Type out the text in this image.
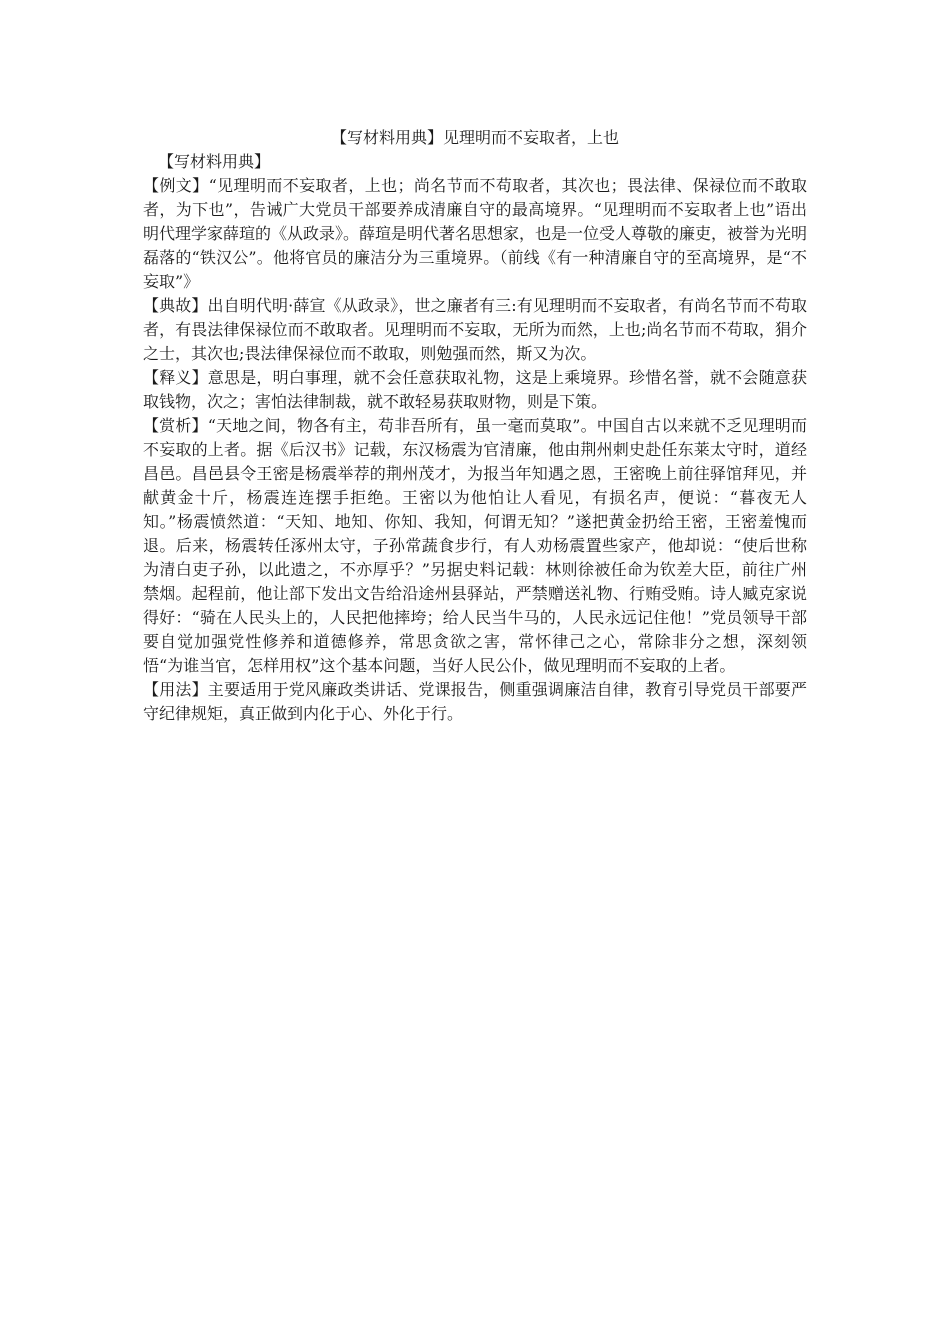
【写材料用典】见理明而不妄取者，上也

【写材料用典】

【例文】“见理明而不妄取者，上也；尚名节而不苟取者，其次也；畏法律、保禄位而不敢取者，为下也”，告诫广大党员干部要养成清廉自守的最高境界。“见理明而不妄取者上也”语出明代理学家薛瑄的《从政录》。薛瑄是明代著名思想家，也是一位受人尊敬的廉吏，被誉为光明磊落的“铁汉公”。他将官员的廉洁分为三重境界。（前线《有一种清廉自守的至高境界，是“不妄取”》

【典故】出自明代明·薛宣《从政录》，世之廉者有三:有见理明而不妄取者，有尚名节而不苟取者，有畏法律保禄位而不敢取者。见理明而不妄取，无所为而然，上也;尚名节而不苟取，狷介之士，其次也;畏法律保禄位而不敢取，则勉强而然，斯又为次。

【释义】意思是，明白事理，就不会任意获取礼物，这是上乘境界。珍惜名誉，就不会随意获取钱物，次之；害怕法律制裁，就不敢轻易获取财物，则是下策。

【赏析】“天地之间，物各有主，苟非吾所有，虽一毫而莫取”。中国自古以来就不乏见理明而不妄取的上者。据《后汉书》记载，东汉杨震为官清廉，他由荆州刺史赴任东莱太守时，道经昌邑。昌邑县令王密是杨震举荐的荆州茂才，为报当年知遇之恩，王密晚上前往驿馆拜见，并献黄金十斤，杨震连连摆手拒绝。王密以为他怕让人看见，有损名声，便说：“暮夜无人知。”杨震愤然道：“天知、地知、你知、我知，何谓无知？”遂把黄金扔给王密，王密羞愧而退。后来，杨震转任涿州太守，子孙常蔬食步行，有人劝杨震置些家产，他却说：“使后世称为清白吏子孙，以此遗之，不亦厚乎？”另据史料记载：林则徐被任命为钦差大臣，前往广州禁烟。起程前，他让部下发出文告给沿途州县驿站，严禁赠送礼物、行贿受贿。诗人臧克家说得好：“骑在人民头上的，人民把他摔垮；给人民当牛马的，人民永远记住他！”党员领导干部要自觉加强党性修养和道德修养，常思贪欲之害，常怀律己之心，常除非分之想，深刻领悟“为谁当官，怎样用权”这个基本问题，当好人民公仆，做见理明而不妄取的上者。

【用法】主要适用于党风廉政类讲话、党课报告，侧重强调廉洁自律，教育引导党员干部要严守纪律规矩，真正做到内化于心、外化于行。
